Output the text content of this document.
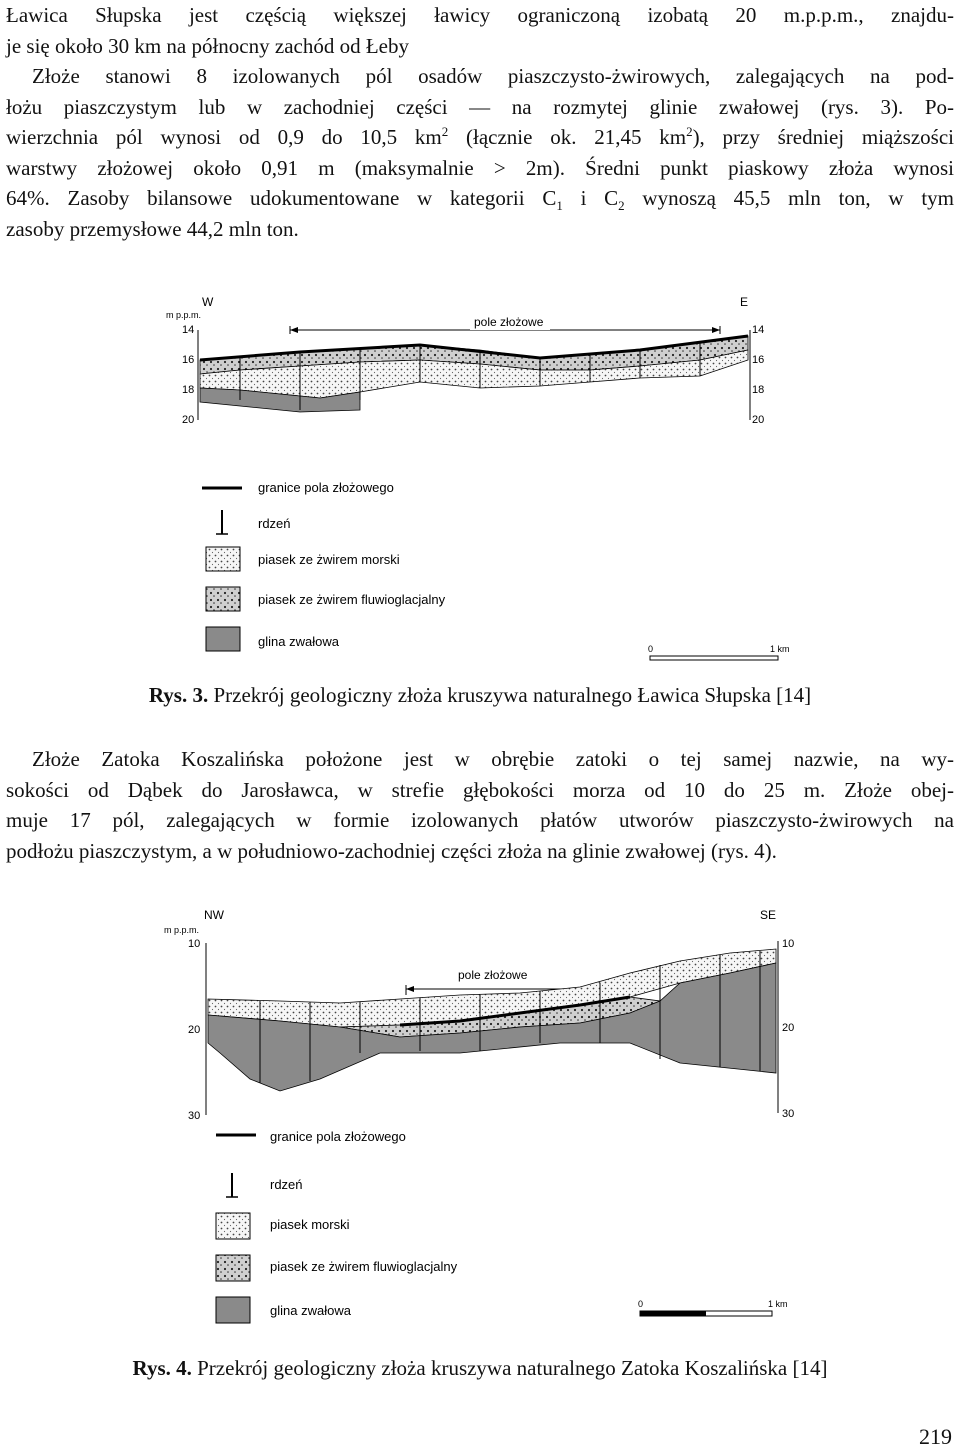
Ławica Słupska jest częścią większej ławicy ograniczoną izobatą 20 m.p.p.m., znajdu-
je się około 30 km na północny zachód od Łeby
Złoże stanowi 8 izolowanych pól osadów piaszczysto-żwirowych, zalegających na pod-
łożu piaszczystym lub w zachodniej części — na rozmytej glinie zwałowej (rys. 3). Po-
wierzchnia pól wynosi od 0,9 do 10,5 $km^2$ (łącznie ok. 21,45 $km^2$), przy średniej miąższości
warstwy złożowej około 0,91 m (maksymalnie > 2m). Średni punkt piaskowy złoża wynosi
64%. Zasoby bilansowe udokumentowane w kategorii $C_1$ i $C_2$ wynoszą 45,5 mln ton, w tym
zasoby przemysłowe 44,2 mln ton.
W	E
m p.p.m.
14
16
18
20
14
16
18
20
pole złożowe
granice pola złożowego
rdzeń
piasek ze żwirem morski
piasek ze żwirem fluwioglacjalny
glina zwałowa	0	1 km
Rys. 3. Przekrój geologiczny złoża kruszywa naturalnego Ławica Słupska [14]
Złoże Zatoka Koszalińska położone jest w obrębie zatoki o tej samej nazwie, na wy-
sokości od Dąbek do Jarosławca, w strefie głębokości morza od 10 do 25 m. Złoże obej-
muje 17 pól, zalegających w formie izolowanych płatów utworów piaszczysto-żwirowych na
podłożu piaszczystym, a w południowo-zachodniej części złoża na glinie zwałowej (rys. 4).
NW	SE
m p.p.m.
10
20
30
10
20
30
pole złożowe
granice pola złożowego
rdzeń
piasek morski
piasek ze żwirem fluwioglacjalny
glina zwałowa	0	1 km
Rys. 4. Przekrój geologiczny złoża kruszywa naturalnego Zatoka Koszalińska [14]
219
